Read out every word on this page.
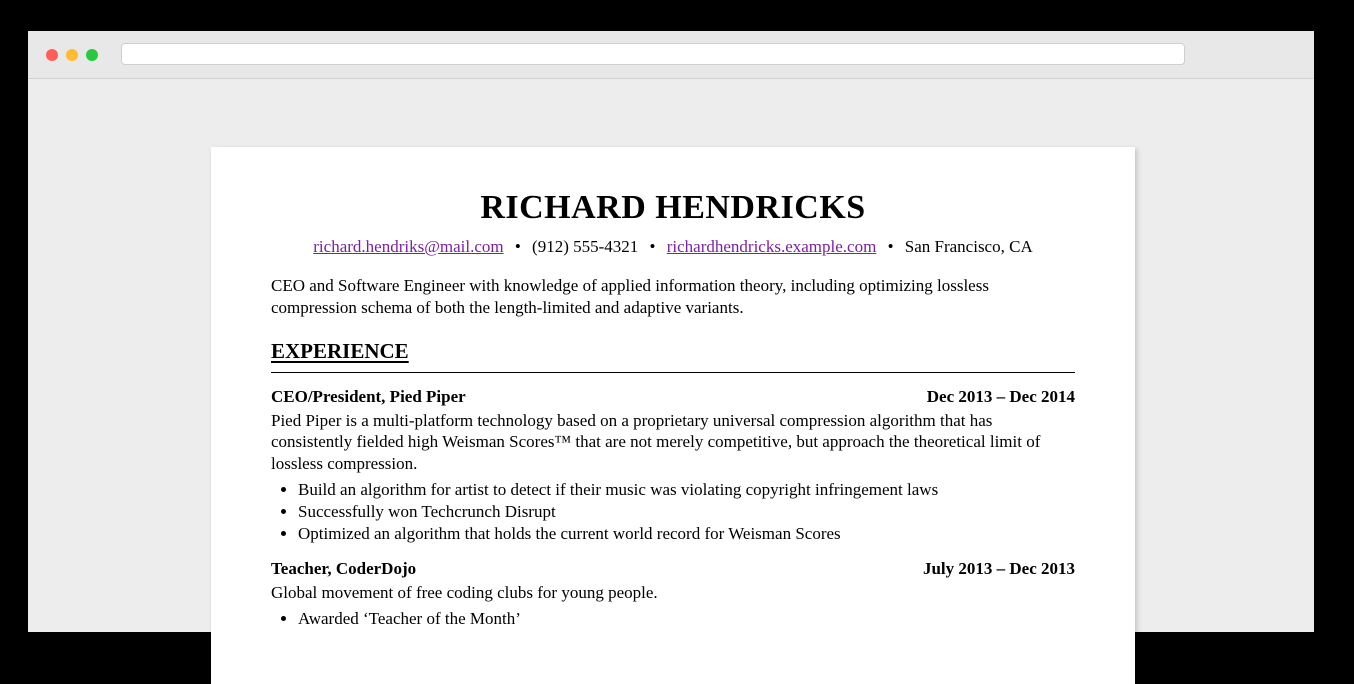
RICHARD HENDRICKS
richard.hendriks@mail.com • (912) 555-4321 • richardhendricks.example.com • San Francisco, CA
CEO and Software Engineer with knowledge of applied information theory, including optimizing lossless compression schema of both the length-limited and adaptive variants.
EXPERIENCE
CEO/President, Pied Piper	Dec 2013 – Dec 2014
Pied Piper is a multi-platform technology based on a proprietary universal compression algorithm that has consistently fielded high Weisman Scores™ that are not merely competitive, but approach the theoretical limit of lossless compression.
• Build an algorithm for artist to detect if their music was violating copyright infringement laws
• Successfully won Techcrunch Disrupt
• Optimized an algorithm that holds the current world record for Weisman Scores
Teacher, CoderDojo	July 2013 – Dec 2013
Global movement of free coding clubs for young people.
• Awarded ‘Teacher of the Month’
